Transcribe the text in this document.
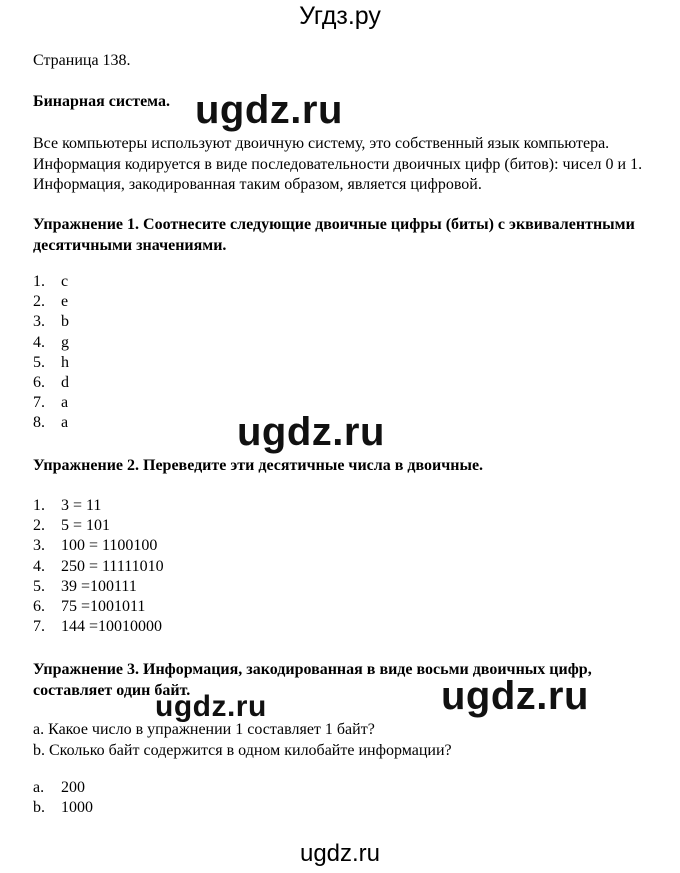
Угдз.ру
Страница 138.
Бинарная система.
Все компьютеры используют двоичную систему, это собственный язык компьютера. Информация кодируется в виде последовательности двоичных цифр (битов): чисел 0 и 1. Информация, закодированная таким образом, является цифровой.
Упражнение 1. Соотнесите следующие двоичные цифры (биты) с эквивалентными десятичными значениями.
1. c
2. e
3. b
4. g
5. h
6. d
7. a
8. a
Упражнение 2. Переведите эти десятичные числа в двоичные.
1. 3 = 11
2. 5 = 101
3. 100 = 1100100
4. 250 = 11111010
5. 39 =100111
6. 75 =1001011
7. 144 =10010000
Упражнение 3. Информация, закодированная в виде восьми двоичных цифр, составляет один байт.
a. Какое число в упражнении 1 составляет 1 байт?
b. Сколько байт содержится в одном килобайте информации?
a. 200
b. 1000
ugdz.ru
ugdz.ru
ugdz.ru
ugdz.ru
ugdz.ru
